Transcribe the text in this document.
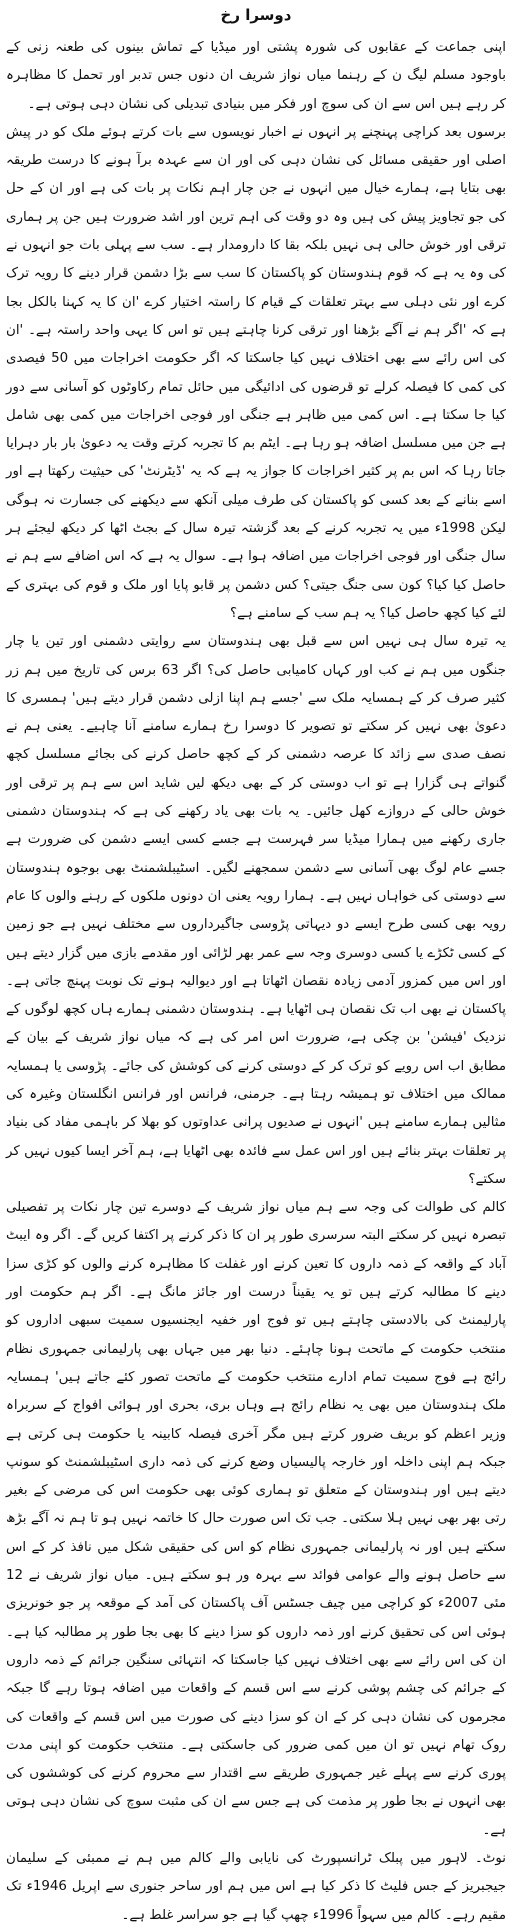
دوسرا رخ

اپنی جماعت کے عقابوں کی شورہ پشتی اور میڈیا کے تماش بینوں کی طعنہ زنی کے باوجود مسلم لیگ ن کے رہنما میاں نواز شریف ان دنوں جس تدبر اور تحمل کا مظاہرہ کر رہے ہیں اس سے ان کی سوچ اور فکر میں بنیادی تبدیلی کی نشان دہی ہوتی ہے۔

برسوں بعد کراچی پہنچنے پر انہوں نے اخبار نویسوں سے بات کرتے ہوئے ملک کو در پیش اصلی اور حقیقی مسائل کی نشان دہی کی اور ان سے عہدہ برآ ہونے کا درست طریقہ بھی بتایا ہے، ہمارے خیال میں انہوں نے جن چار اہم نکات پر بات کی ہے اور ان کے حل کی جو تجاویز پیش کی ہیں وہ دو وقت کی اہم ترین اور اشد ضرورت ہیں جن پر ہماری ترقی اور خوش حالی ہی نہیں بلکہ بقا کا دارومدار ہے۔ سب سے پہلی بات جو انہوں نے کی وہ یہ ہے کہ قوم ہندوستان کو پاکستان کا سب سے بڑا دشمن قرار دینے کا رویہ ترک کرے اور نئی دہلی سے بہتر تعلقات کے قیام کا راستہ اختیار کرے 'ان کا یہ کہنا بالکل بجا ہے کہ 'اگر ہم نے آگے بڑھنا اور ترقی کرنا چاہتے ہیں تو اس کا یہی واحد راستہ ہے۔ 'ان کی اس رائے سے بھی اختلاف نہیں کیا جاسکتا کہ اگر حکومت اخراجات میں 50 فیصدی کی کمی کا فیصلہ کرلے تو قرضوں کی ادائیگی میں حائل تمام رکاوٹوں کو آسانی سے دور کیا جا سکتا ہے۔ اس کمی میں ظاہر ہے جنگی اور فوجی اخراجات میں کمی بھی شامل ہے جن میں مسلسل اضافہ ہو رہا ہے۔ ایٹم بم کا تجربہ کرتے وقت یہ دعویٰ بار بار دہرایا جاتا رہا کہ اس بم پر کثیر اخراجات کا جواز یہ ہے کہ یہ 'ڈیٹرنٹ' کی حیثیت رکھتا ہے اور اسے بنانے کے بعد کسی کو پاکستان کی طرف میلی آنکھ سے دیکھنے کی جسارت نہ ہوگی لیکن 1998ء میں یہ تجربہ کرنے کے بعد گزشتہ تیرہ سال کے بجٹ اٹھا کر دیکھ لیجئے ہر سال جنگی اور فوجی اخراجات میں اضافہ ہوا ہے۔ سوال یہ ہے کہ اس اضافے سے ہم نے حاصل کیا کیا؟ کون سی جنگ جیتی؟ کس دشمن پر قابو پایا اور ملک و قوم کی بہتری کے لئے کیا کچھ حاصل کیا؟ یہ ہم سب کے سامنے ہے؟

یہ تیرہ سال ہی نہیں اس سے قبل بھی ہندوستان سے روایتی دشمنی اور تین یا چار جنگوں میں ہم نے کب اور کہاں کامیابی حاصل کی؟ اگر 63 برس کی تاریخ میں ہم زر کثیر صرف کر کے ہمسایہ ملک سے 'جسے ہم اپنا ازلی دشمن قرار دیتے ہیں' ہمسری کا دعویٰ بھی نہیں کر سکتے تو تصویر کا دوسرا رخ ہمارے سامنے آنا چاہیے۔ یعنی ہم نے نصف صدی سے زائد کا عرصہ دشمنی کر کے کچھ حاصل کرنے کی بجائے مسلسل کچھ گنواتے ہی گزارا ہے تو اب دوستی کر کے بھی دیکھ لیں شاید اس سے ہم پر ترقی اور خوش حالی کے دروازے کھل جائیں۔ یہ بات بھی یاد رکھنے کی ہے کہ ہندوستان دشمنی جاری رکھنے میں ہمارا میڈیا سر فہرست ہے جسے کسی ایسے دشمن کی ضرورت ہے جسے عام لوگ بھی آسانی سے دشمن سمجھنے لگیں۔ اسٹیبلشمنٹ بھی بوجوہ ہندوستان سے دوستی کی خواہاں نہیں ہے۔ ہمارا رویہ یعنی ان دونوں ملکوں کے رہنے والوں کا عام رویہ بھی کسی طرح ایسے دو دیہاتی پڑوسی جاگیرداروں سے مختلف نہیں ہے جو زمین کے کسی ٹکڑے یا کسی دوسری وجہ سے عمر بھر لڑائی اور مقدمے بازی میں گزار دیتے ہیں اور اس میں کمزور آدمی زیادہ نقصان اٹھاتا ہے اور دیوالیہ ہونے تک نوبت پہنچ جاتی ہے۔ پاکستان نے بھی اب تک نقصان ہی اٹھایا ہے۔ ہندوستان دشمنی ہمارے ہاں کچھ لوگوں کے نزدیک 'فیشن' بن چکی ہے، ضرورت اس امر کی ہے کہ میاں نواز شریف کے بیان کے مطابق اب اس رویے کو ترک کر کے دوستی کرنے کی کوشش کی جائے۔ پڑوسی یا ہمسایہ ممالک میں اختلاف تو ہمیشہ رہتا ہے۔ جرمنی، فرانس اور فرانس انگلستان وغیرہ کی مثالیں ہمارے سامنے ہیں 'انہوں نے صدیوں پرانی عداوتوں کو بھلا کر باہمی مفاد کی بنیاد پر تعلقات بہتر بنائے ہیں اور اس عمل سے فائدہ بھی اٹھایا ہے، ہم آخر ایسا کیوں نہیں کر سکتے؟

کالم کی طوالت کی وجہ سے ہم میاں نواز شریف کے دوسرے تین چار نکات پر تفصیلی تبصرہ نہیں کر سکتے البتہ سرسری طور پر ان کا ذکر کرنے پر اکتفا کریں گے۔ اگر وہ ایبٹ آباد کے واقعہ کے ذمہ داروں کا تعین کرنے اور غفلت کا مظاہرہ کرنے والوں کو کڑی سزا دینے کا مطالبہ کرتے ہیں تو یہ یقیناً درست اور جائز مانگ ہے۔ اگر ہم حکومت اور پارلیمنٹ کی بالادستی چاہتے ہیں تو فوج اور خفیہ ایجنسیوں سمیت سبھی اداروں کو منتخب حکومت کے ماتحت ہونا چاہئے۔ دنیا بھر میں جہاں بھی پارلیمانی جمہوری نظام رائج ہے فوج سمیت تمام ادارے منتخب حکومت کے ماتحت تصور کئے جاتے ہیں' ہمسایہ ملک ہندوستان میں بھی یہ نظام رائج ہے وہاں بری، بحری اور ہوائی افواج کے سربراہ وزیر اعظم کو بریف ضرور کرتے ہیں مگر آخری فیصلہ کابینہ یا حکومت ہی کرتی ہے جبکہ ہم اپنی داخلہ اور خارجہ پالیسیاں وضع کرنے کی ذمہ داری اسٹیبلشمنٹ کو سونپ دیتے ہیں اور ہندوستان کے متعلق تو ہماری کوئی بھی حکومت اس کی مرضی کے بغیر رتی بھر بھی نہیں ہلا سکتی۔ جب تک اس صورت حال کا خاتمہ نہیں ہو تا ہم نہ آگے بڑھ سکتے ہیں اور نہ پارلیمانی جمہوری نظام کو اس کی حقیقی شکل میں نافذ کر کے اس سے حاصل ہونے والے عوامی فوائد سے بہرہ ور ہو سکتے ہیں۔ میاں نواز شریف نے 12 مئی 2007ء کو کراچی میں چیف جسٹس آف پاکستان کی آمد کے موقعہ پر جو خونریزی ہوئی اس کی تحقیق کرنے اور ذمہ داروں کو سزا دینے کا بھی بجا طور پر مطالبہ کیا ہے۔ ان کی اس رائے سے بھی اختلاف نہیں کیا جاسکتا کہ انتہائی سنگین جرائم کے ذمہ داروں کے جرائم کی چشم پوشی کرنے سے اس قسم کے واقعات میں اضافہ ہوتا رہے گا جبکہ مجرموں کی نشان دہی کر کے ان کو سزا دینے کی صورت میں اس قسم کے واقعات کی روک تھام نہیں تو ان میں کمی ضرور کی جاسکتی ہے۔ منتخب حکومت کو اپنی مدت پوری کرنے سے پہلے غیر جمہوری طریقے سے اقتدار سے محروم کرنے کی کوششوں کی بھی انہوں نے بجا طور پر مذمت کی ہے جس سے ان کی مثبت سوچ کی نشان دہی ہوتی ہے۔

نوٹ۔ لاہور میں پبلک ٹرانسپورٹ کی نایابی والے کالم میں ہم نے ممبئی کے سلیمان جیجبریز کے جس فلیٹ کا ذکر کیا ہے اس میں ہم اور ساحر جنوری سے اپریل 1946ء تک مقیم رہے۔ کالم میں سہواً 1996ء چھپ گیا ہے جو سراسر غلط ہے۔
